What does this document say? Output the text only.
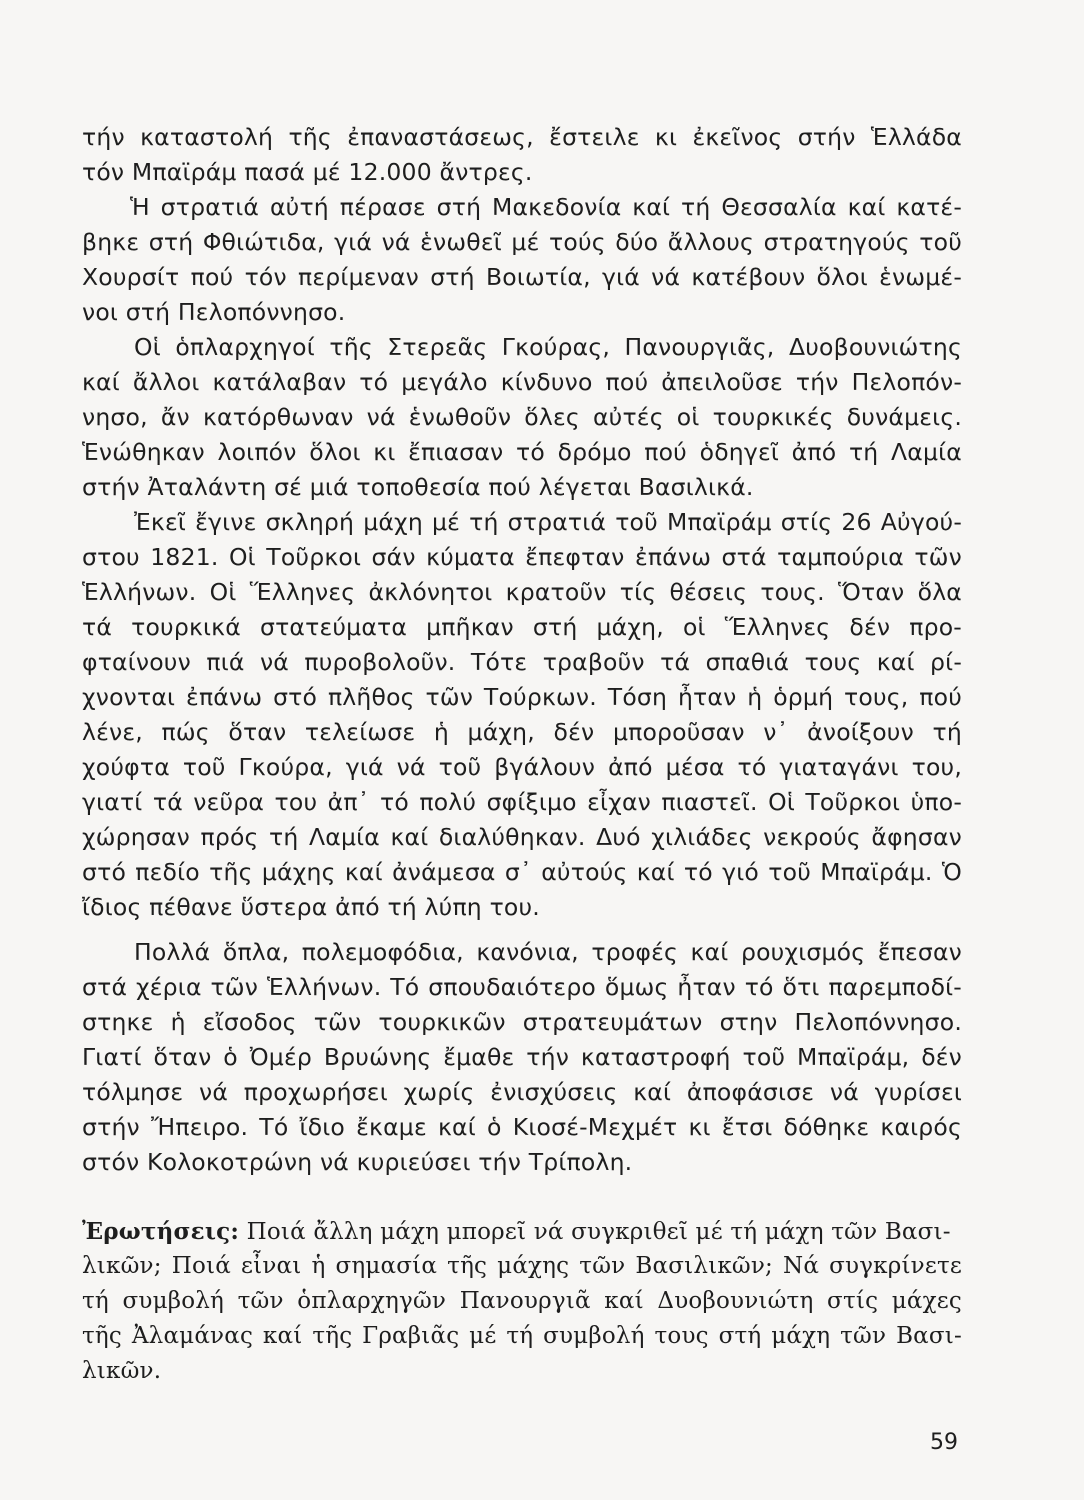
τήν καταστολή τῆς ἐπαναστάσεως, ἔστειλε κι ἐκεῖνος στήν Ἑλλάδα
τόν Μπαϊράμ πασά μέ 12.000 ἄντρες.
Ἡ στρατιά αὐτή πέρασε στή Μακεδονία καί τή Θεσσαλία καί κατέ-
βηκε στή Φθιώτιδα, γιά νά ἑνωθεῖ μέ τούς δύο ἄλλους στρατηγούς τοῦ
Χουρσίτ πού τόν περίμεναν στή Βοιωτία, γιά νά κατέβουν ὅλοι ἑνωμέ-
νοι στή Πελοπόννησο.
Οἱ ὁπλαρχηγοί τῆς Στερεᾶς Γκούρας, Πανουργιᾶς, Δυοβουνιώτης
καί ἄλλοι κατάλαβαν τό μεγάλο κίνδυνο πού ἀπειλοῦσε τήν Πελοπόν-
νησο, ἄν κατόρθωναν νά ἑνωθοῦν ὅλες αὐτές οἱ τουρκικές δυνάμεις.
Ἑνώθηκαν λοιπόν ὅλοι κι ἔπιασαν τό δρόμο πού ὁδηγεῖ ἀπό τή Λαμία
στήν Ἀταλάντη σέ μιά τοποθεσία πού λέγεται Βασιλικά.
Ἐκεῖ ἔγινε σκληρή μάχη μέ τή στρατιά τοῦ Μπαϊράμ στίς 26 Αὐγού-
στου 1821. Οἱ Τοῦρκοι σάν κύματα ἔπεφταν ἐπάνω στά ταμπούρια τῶν
Ἑλλήνων. Οἱ Ἕλληνες ἀκλόνητοι κρατοῦν τίς θέσεις τους. Ὅταν ὅλα
τά τουρκικά στατεύματα μπῆκαν στή μάχη, οἱ Ἕλληνες δέν προ-
φταίνουν πιά νά πυροβολοῦν. Τότε τραβοῦν τά σπαθιά τους καί ρί-
χνονται ἐπάνω στό πλῆθος τῶν Τούρκων. Τόση ἦταν ἡ ὁρμή τους, πού
λένε, πώς ὅταν τελείωσε ἡ μάχη, δέν μποροῦσαν ν᾿ ἀνοίξουν τή
χούφτα τοῦ Γκούρα, γιά νά τοῦ βγάλουν ἀπό μέσα τό γιαταγάνι του,
γιατί τά νεῦρα του ἀπ᾿ τό πολύ σφίξιμο εἶχαν πιαστεῖ. Οἱ Τοῦρκοι ὑπο-
χώρησαν πρός τή Λαμία καί διαλύθηκαν. Δυό χιλιάδες νεκρούς ἄφησαν
στό πεδίο τῆς μάχης καί ἀνάμεσα σ᾿ αὐτούς καί τό γιό τοῦ Μπαϊράμ. Ὁ
ἴδιος πέθανε ὕστερα ἀπό τή λύπη του.
Πολλά ὅπλα, πολεμοφόδια, κανόνια, τροφές καί ρουχισμός ἔπεσαν
στά χέρια τῶν Ἑλλήνων. Τό σπουδαιότερο ὅμως ἦταν τό ὅτι παρεμποδί-
στηκε ἡ εἴσοδος τῶν τουρκικῶν στρατευμάτων στην Πελοπόννησο.
Γιατί ὅταν ὁ Ὀμέρ Βρυώνης ἔμαθε τήν καταστροφή τοῦ Μπαϊράμ, δέν
τόλμησε νά προχωρήσει χωρίς ἐνισχύσεις καί ἀποφάσισε νά γυρίσει
στήν Ἤπειρο. Τό ἴδιο ἔκαμε καί ὁ Κιοσέ-Μεχμέτ κι ἔτσι δόθηκε καιρός
στόν Κολοκοτρώνη νά κυριεύσει τήν Τρίπολη.
Ἐρωτήσεις: Ποιά ἄλλη μάχη μπορεῖ νά συγκριθεῖ μέ τή μάχη τῶν Βασι-
λικῶν; Ποιά εἶναι ἡ σημασία τῆς μάχης τῶν Βασιλικῶν; Νά συγκρίνετε
τή συμβολή τῶν ὁπλαρχηγῶν Πανουργιᾶ καί Δυοβουνιώτη στίς μάχες
τῆς Ἀλαμάνας καί τῆς Γραβιᾶς μέ τή συμβολή τους στή μάχη τῶν Βασι-
λικῶν.
59
